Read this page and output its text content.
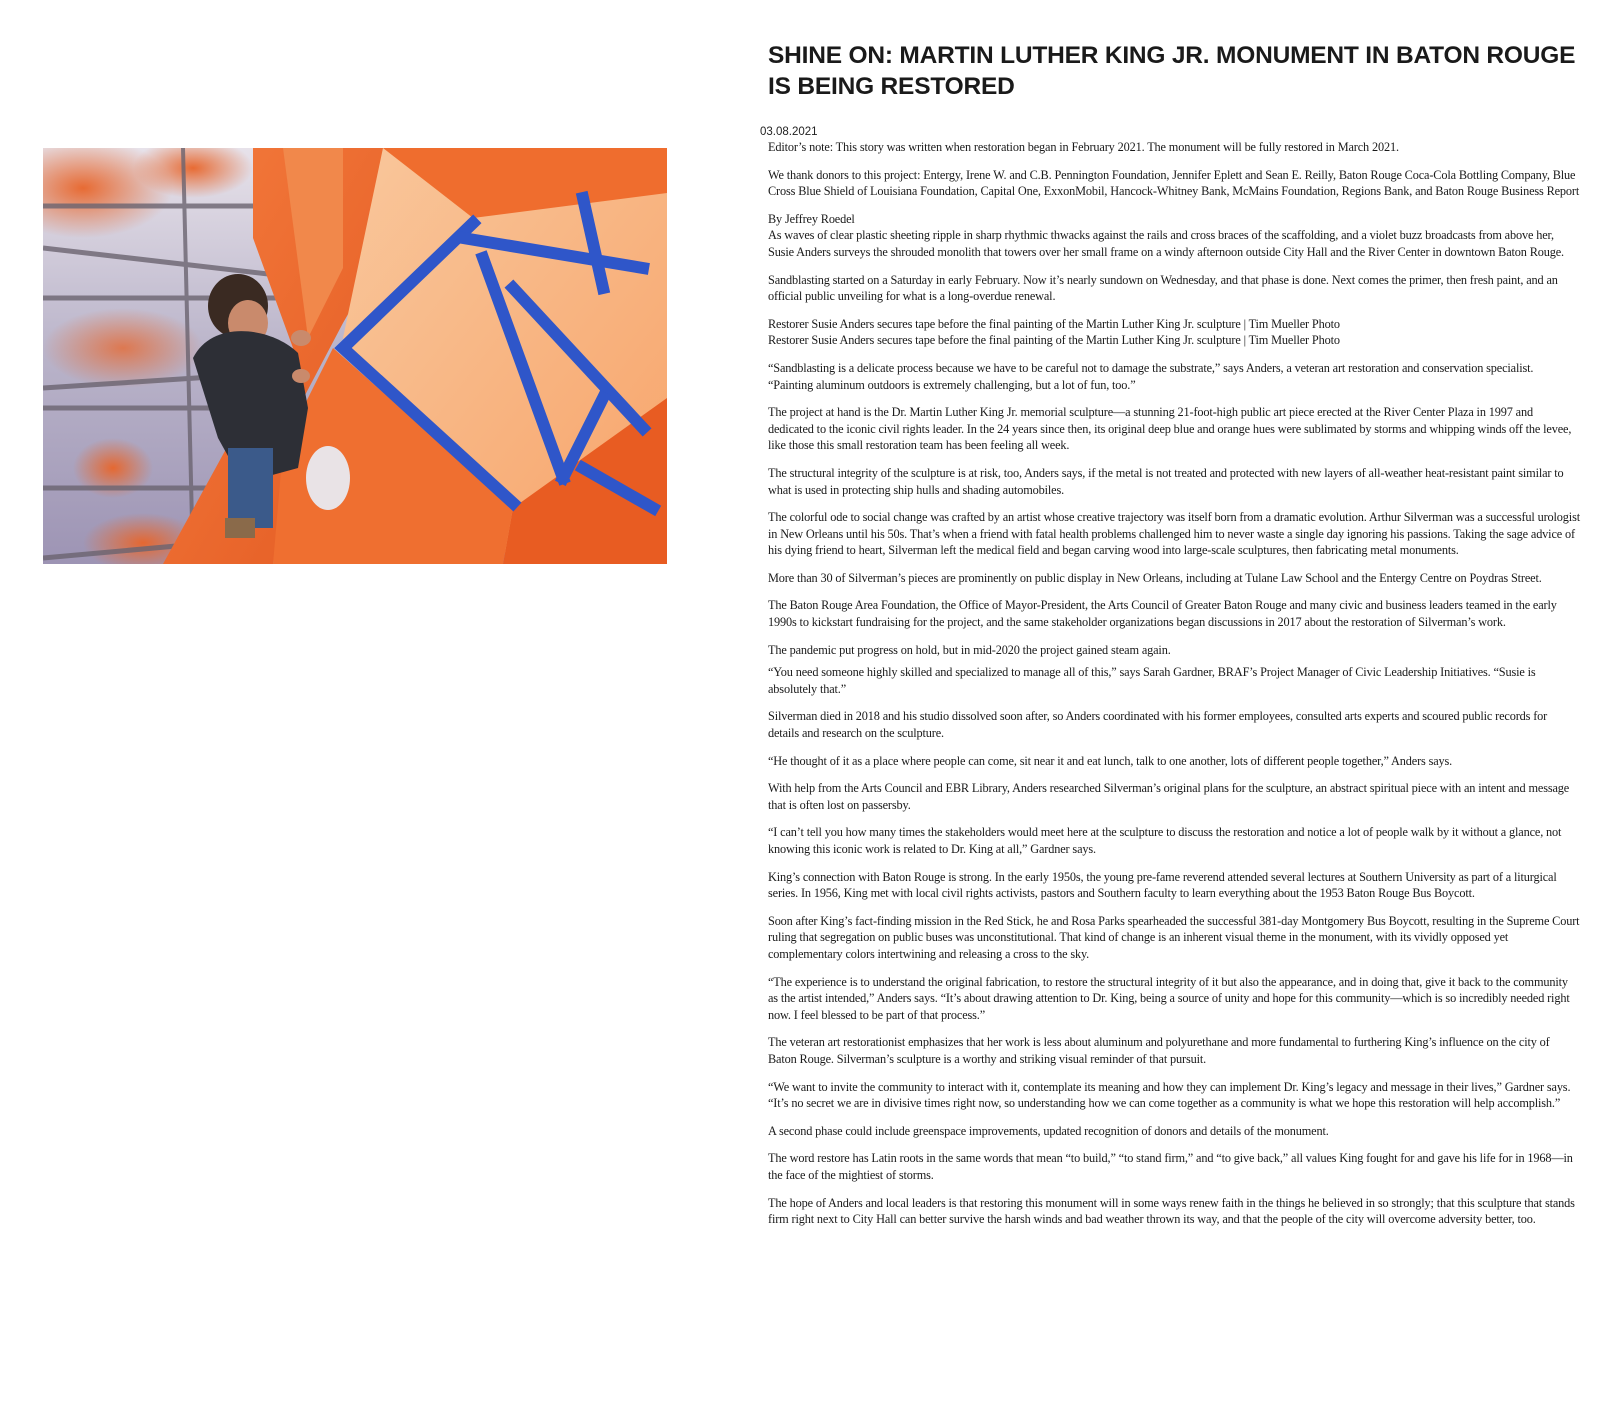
SHINE ON: MARTIN LUTHER KING JR. MONUMENT IN BATON ROUGE IS BEING RESTORED
03.08.2021

Editor’s note: This story was written when restoration began in February 2021. The monument will be fully restored in March 2021.

We thank donors to this project: Entergy, Irene W. and C.B. Pennington Foundation, Jennifer Eplett and Sean E. Reilly, Baton Rouge Coca-Cola Bottling Company, Blue Cross Blue Shield of Louisiana Foundation, Capital One, ExxonMobil, Hancock-Whitney Bank, McMains Foundation, Regions Bank, and Baton Rouge Business Report

By Jeffrey Roedel

As waves of clear plastic sheeting ripple in sharp rhythmic thwacks against the rails and cross braces of the scaffolding, and a violet buzz broadcasts from above her, Susie Anders surveys the shrouded monolith that towers over her small frame on a windy afternoon outside City Hall and the River Center in downtown Baton Rouge.

Sandblasting started on a Saturday in early February. Now it’s nearly sundown on Wednesday, and that phase is done. Next comes the primer, then fresh paint, and an official public unveiling for what is a long-overdue renewal.

Restorer Susie Anders secures tape before the final painting of the Martin Luther King Jr. sculpture | Tim Mueller Photo

Restorer Susie Anders secures tape before the final painting of the Martin Luther King Jr. sculpture | Tim Mueller Photo

“Sandblasting is a delicate process because we have to be careful not to damage the substrate,” says Anders, a veteran art restoration and conservation specialist. “Painting aluminum outdoors is extremely challenging, but a lot of fun, too.”

The project at hand is the Dr. Martin Luther King Jr. memorial sculpture—a stunning 21-foot-high public art piece erected at the River Center Plaza in 1997 and dedicated to the iconic civil rights leader. In the 24 years since then, its original deep blue and orange hues were sublimated by storms and whipping winds off the levee, like those this small restoration team has been feeling all week.

The structural integrity of the sculpture is at risk, too, Anders says, if the metal is not treated and protected with new layers of all-weather heat-resistant paint similar to what is used in protecting ship hulls and shading automobiles.

The colorful ode to social change was crafted by an artist whose creative trajectory was itself born from a dramatic evolution. Arthur Silverman was a successful urologist in New Orleans until his 50s. That’s when a friend with fatal health problems challenged him to never waste a single day ignoring his passions. Taking the sage advice of his dying friend to heart, Silverman left the medical field and began carving wood into large-scale sculptures, then fabricating metal monuments.

More than 30 of Silverman’s pieces are prominently on public display in New Orleans, including at Tulane Law School and the Entergy Centre on Poydras Street.

The Baton Rouge Area Foundation, the Office of Mayor-President, the Arts Council of Greater Baton Rouge and many civic and business leaders teamed in the early 1990s to kickstart fundraising for the project, and the same stakeholder organizations began discussions in 2017 about the restoration of Silverman’s work.

The pandemic put progress on hold, but in mid-2020 the project gained steam again.

“You need someone highly skilled and specialized to manage all of this,” says Sarah Gardner, BRAF’s Project Manager of Civic Leadership Initiatives. “Susie is absolutely that.”

Silverman died in 2018 and his studio dissolved soon after, so Anders coordinated with his former employees, consulted arts experts and scoured public records for details and research on the sculpture.

“He thought of it as a place where people can come, sit near it and eat lunch, talk to one another, lots of different people together,” Anders says.

With help from the Arts Council and EBR Library, Anders researched Silverman’s original plans for the sculpture, an abstract spiritual piece with an intent and message that is often lost on passersby.

“I can’t tell you how many times the stakeholders would meet here at the sculpture to discuss the restoration and notice a lot of people walk by it without a glance, not knowing this iconic work is related to Dr. King at all,” Gardner says.

King’s connection with Baton Rouge is strong. In the early 1950s, the young pre-fame reverend attended several lectures at Southern University as part of a liturgical series. In 1956, King met with local civil rights activists, pastors and Southern faculty to learn everything about the 1953 Baton Rouge Bus Boycott.

Soon after King’s fact-finding mission in the Red Stick, he and Rosa Parks spearheaded the successful 381-day Montgomery Bus Boycott, resulting in the Supreme Court ruling that segregation on public buses was unconstitutional. That kind of change is an inherent visual theme in the monument, with its vividly opposed yet complementary colors intertwining and releasing a cross to the sky.

“The experience is to understand the original fabrication, to restore the structural integrity of it but also the appearance, and in doing that, give it back to the community as the artist intended,” Anders says. “It’s about drawing attention to Dr. King, being a source of unity and hope for this community—which is so incredibly needed right now. I feel blessed to be part of that process.”

The veteran art restorationist emphasizes that her work is less about aluminum and polyurethane and more fundamental to furthering King’s influence on the city of Baton Rouge. Silverman’s sculpture is a worthy and striking visual reminder of that pursuit.

“We want to invite the community to interact with it, contemplate its meaning and how they can implement Dr. King’s legacy and message in their lives,” Gardner says. “It’s no secret we are in divisive times right now, so understanding how we can come together as a community is what we hope this restoration will help accomplish.”

A second phase could include greenspace improvements, updated recognition of donors and details of the monument.

The word restore has Latin roots in the same words that mean “to build,” “to stand firm,” and “to give back,” all values King fought for and gave his life for in 1968—in the face of the mightiest of storms.

The hope of Anders and local leaders is that restoring this monument will in some ways renew faith in the things he believed in so strongly; that this sculpture that stands firm right next to City Hall can better survive the harsh winds and bad weather thrown its way, and that the people of the city will overcome adversity better, too.
